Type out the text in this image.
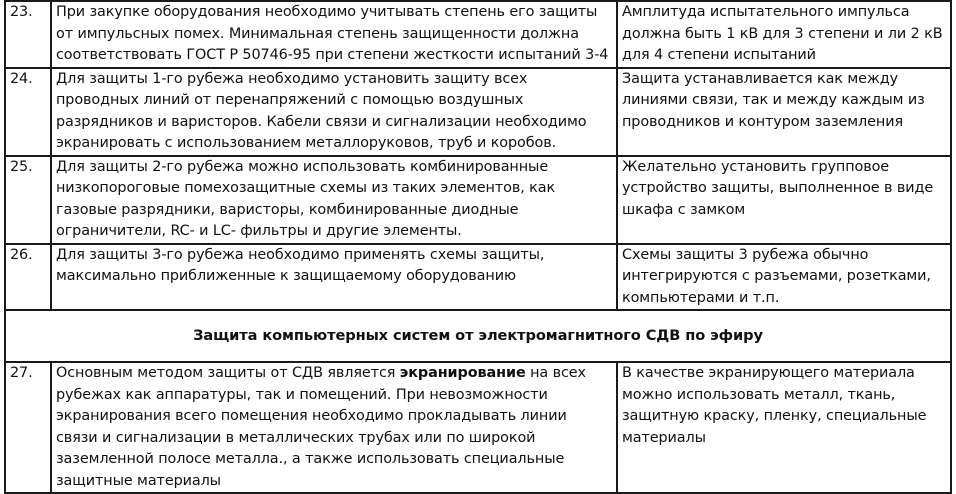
23.	При закупке оборудования необходимо учитывать степень его защиты от импульсных помех. Минимальная степень защищенности должна соответствовать ГОСТ Р 50746-95 при степени жесткости испытаний 3-4	Амплитуда испытательного импульса должна быть 1 кВ для 3 степени и ли 2 кВ для 4 степени испытаний
24.	Для защиты 1-го рубежа необходимо установить защиту всех проводных линий от перенапряжений с помощью воздушных разрядников и варисторов. Кабели связи и сигнализации необходимо экранировать с использованием металлоруковов, труб и коробов.	Защита устанавливается как между линиями связи, так и между каждым из проводников и контуром заземления
25.	Для защиты 2-го рубежа можно использовать комбинированные низкопороговые помехозащитные схемы из таких элементов, как газовые разрядники, варисторы, комбинированные диодные ограничители, RC- и LC- фильтры и другие элементы.	Желательно установить групповое устройство защиты, выполненное в виде шкафа с замком
26.	Для защиты 3-го рубежа необходимо применять схемы защиты, максимально приближенные к защищаемому оборудованию	Схемы защиты 3 рубежа обычно интегрируются с разъемами, розетками, компьютерами и т.п.
Защита компьютерных систем от электромагнитного СДВ по эфиру		
27.	Основным методом защиты от СДВ является экранирование на всех рубежах как аппаратуры, так и помещений. При невозможности экранирования всего помещения необходимо прокладывать линии связи и сигнализации в металлических трубах или по широкой заземленной полосе металла., а также использовать специальные защитные материалы	В качестве экранирующего материала можно использовать металл, ткань, защитную краску, пленку, специальные материалы
